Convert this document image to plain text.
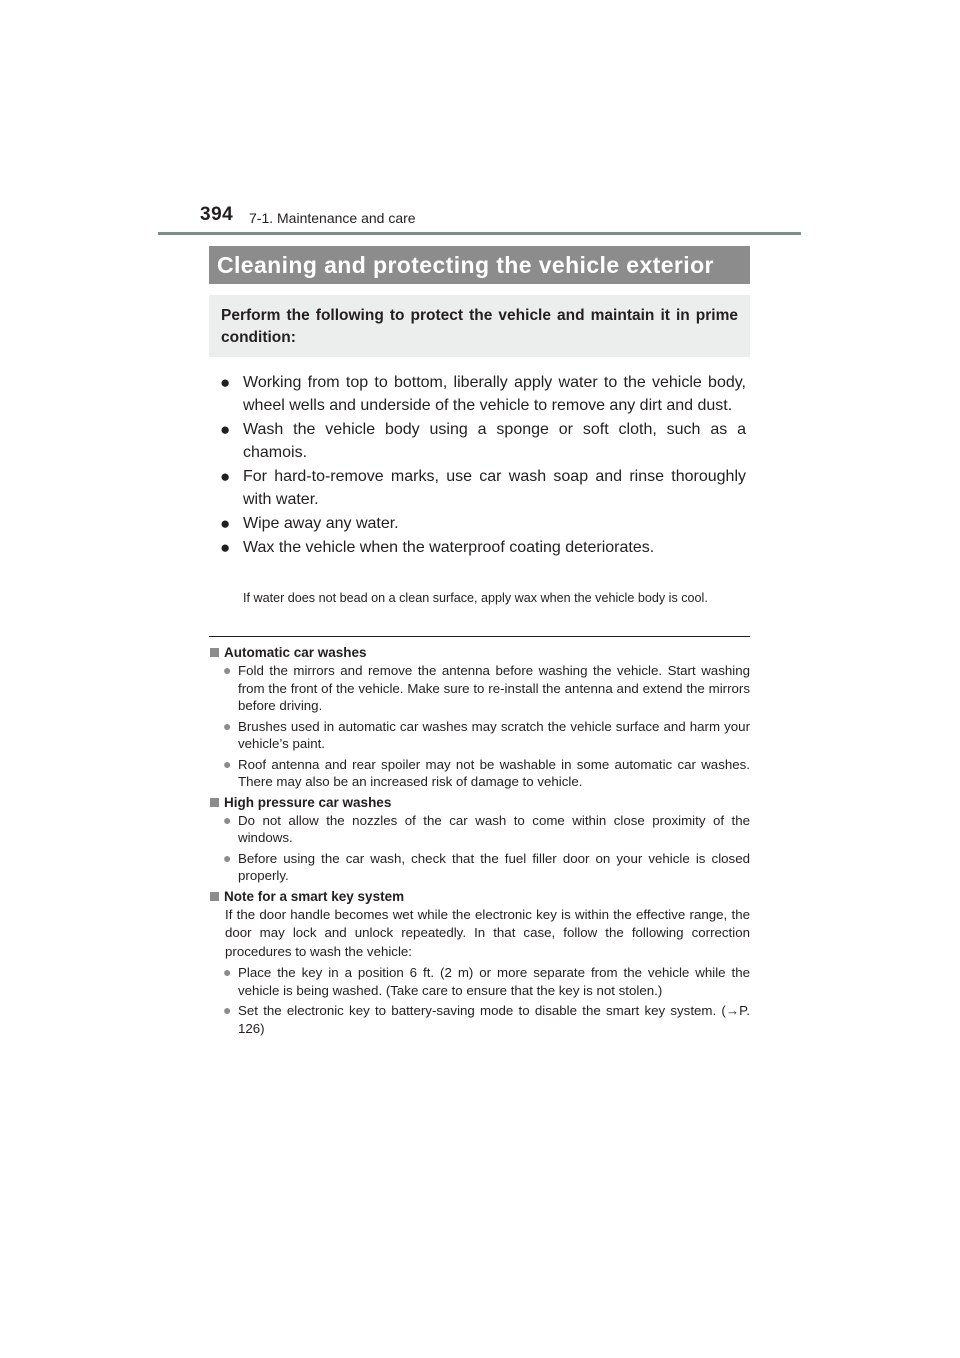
394 7-1. Maintenance and care
Cleaning and protecting the vehicle exterior
Perform the following to protect the vehicle and maintain it in prime condition:
● Working from top to bottom, liberally apply water to the vehicle body, wheel wells and underside of the vehicle to remove any dirt and dust.
● Wash the vehicle body using a sponge or soft cloth, such as a chamois.
● For hard-to-remove marks, use car wash soap and rinse thoroughly with water.
● Wipe away any water.
● Wax the vehicle when the waterproof coating deteriorates.
If water does not bead on a clean surface, apply wax when the vehicle body is cool.
Automatic car washes
● Fold the mirrors and remove the antenna before washing the vehicle. Start washing from the front of the vehicle. Make sure to re-install the antenna and extend the mirrors before driving.
● Brushes used in automatic car washes may scratch the vehicle surface and harm your vehicle’s paint.
● Roof antenna and rear spoiler may not be washable in some automatic car washes. There may also be an increased risk of damage to vehicle.
High pressure car washes
● Do not allow the nozzles of the car wash to come within close proximity of the windows.
● Before using the car wash, check that the fuel filler door on your vehicle is closed properly.
Note for a smart key system
If the door handle becomes wet while the electronic key is within the effective range, the door may lock and unlock repeatedly. In that case, follow the following correction procedures to wash the vehicle:
● Place the key in a position 6 ft. (2 m) or more separate from the vehicle while the vehicle is being washed. (Take care to ensure that the key is not stolen.)
● Set the electronic key to battery-saving mode to disable the smart key system. (→P. 126)
